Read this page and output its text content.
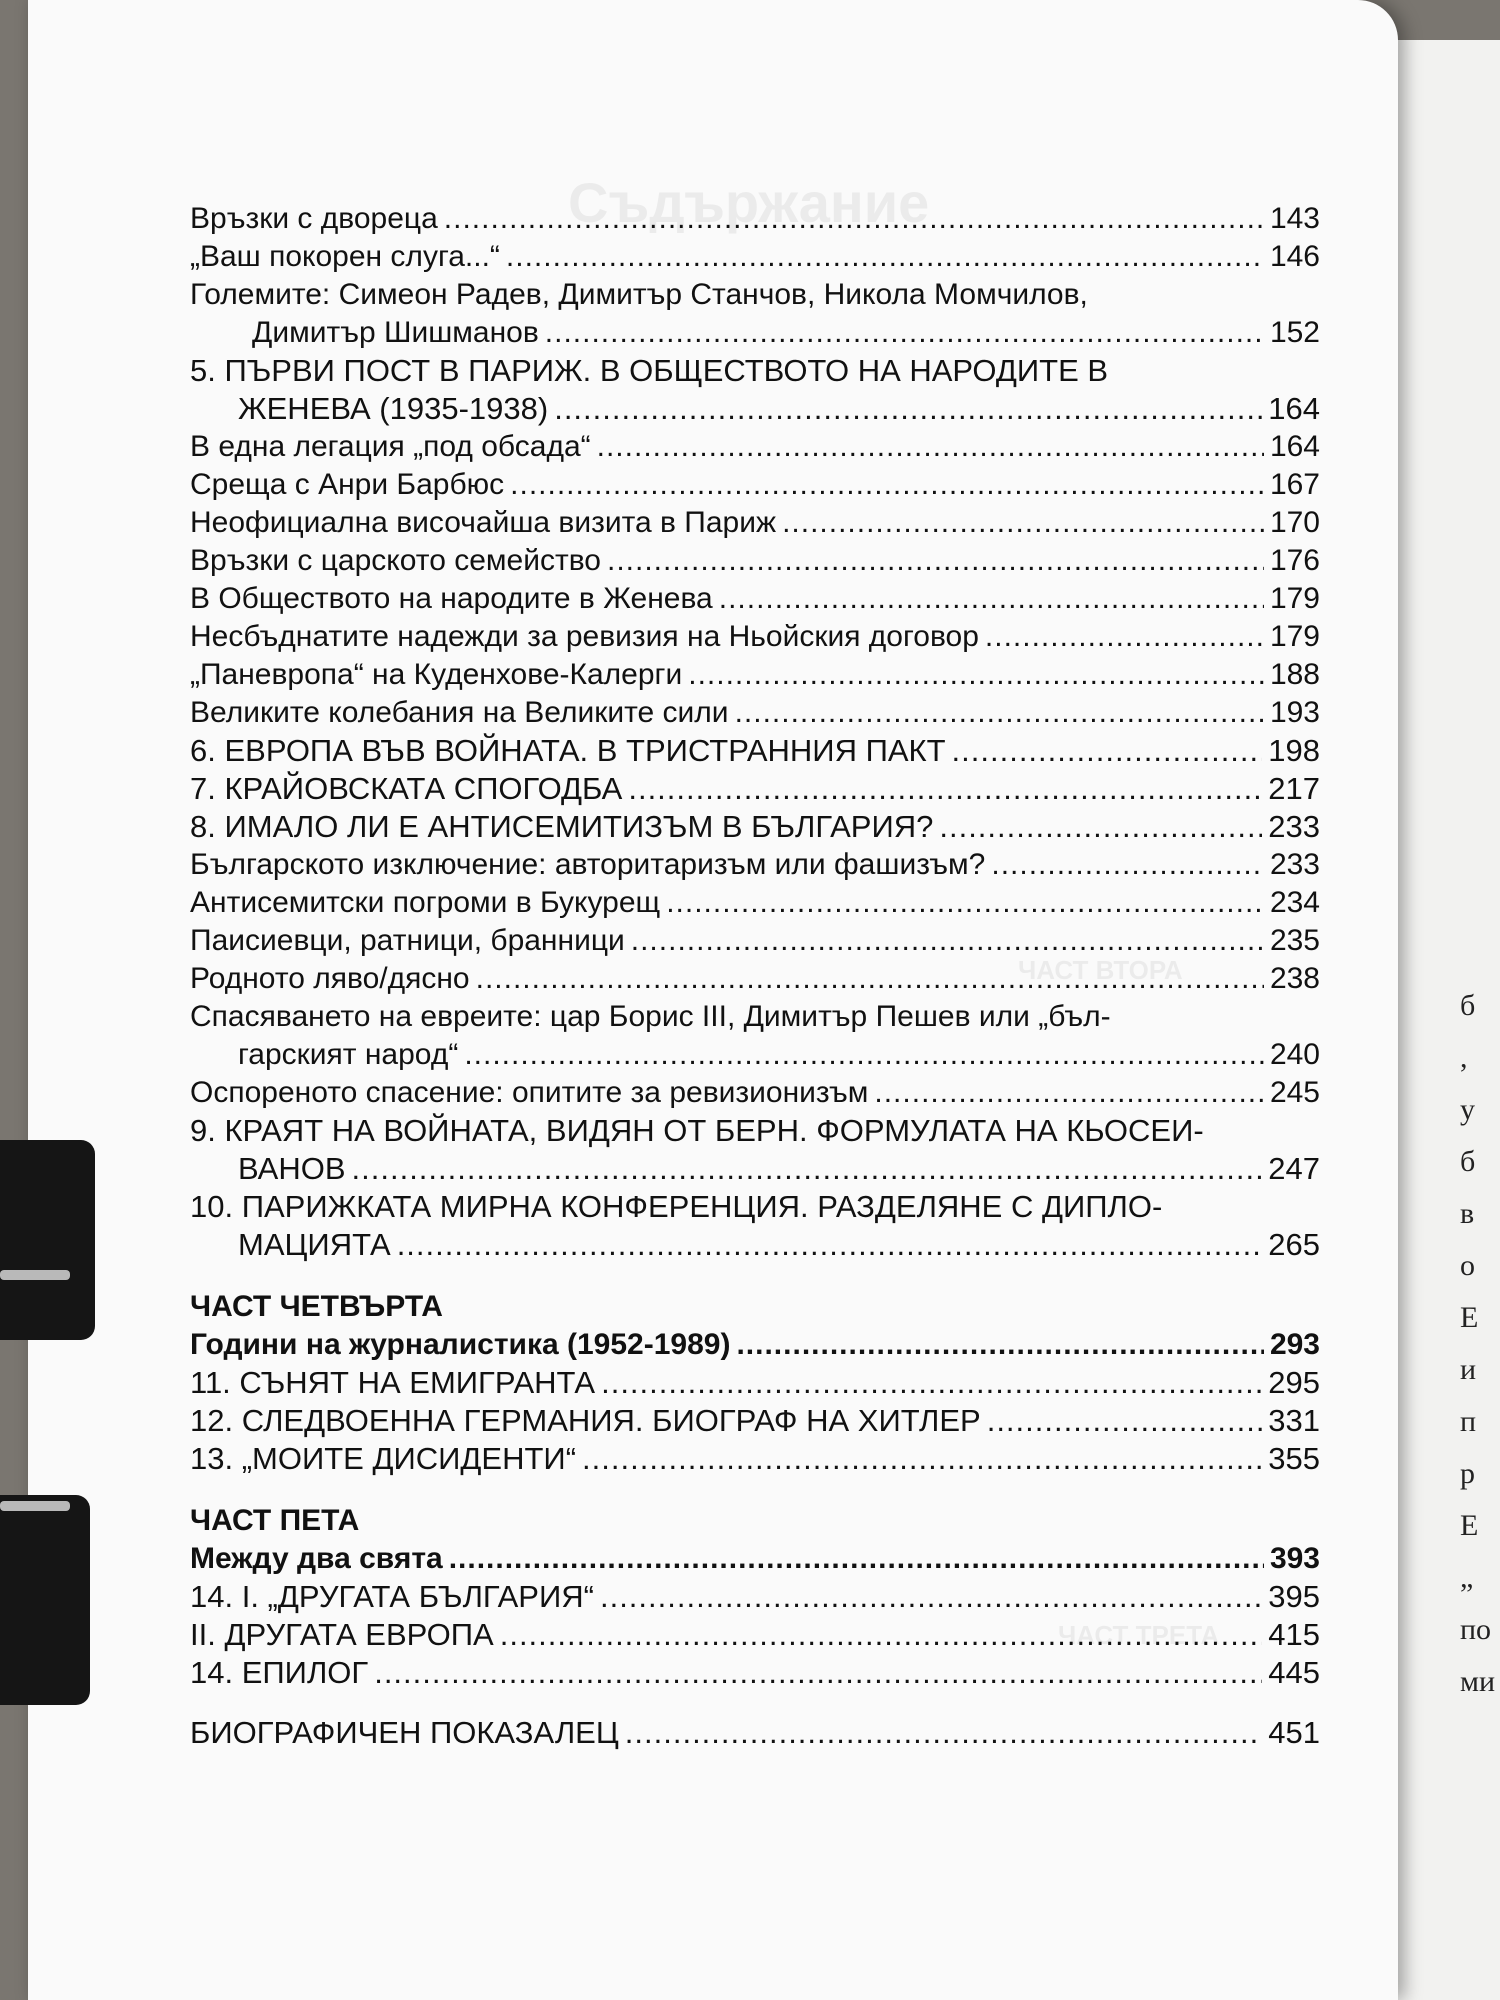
б
,
у
б
в
о
Е
и
п
р
Е
„
по
ми
Съдържание
ЧАСТ ВТОРА
ЧАСТ ТРЕТА
Връзки с двореца .....	143
„Ваш покорен слуга...“ .....	146
Големите: Симеон Радев, Димитър Станчов, Никола Момчилов,
Димитър Шишманов .....	152
5. ПЪРВИ ПОСТ В ПАРИЖ. В ОБЩЕСТВОТО НА НАРОДИТЕ В
ЖЕНЕВА (1935-1938) .....	164
В една легация „под обсада“ .....	164
Среща с Анри Барбюс .....	167
Неофициална височайша визита в Париж .....	170
Връзки с царското семейство .....	176
В Обществото на народите в Женева .....	179
Несбъднатите надежди за ревизия на Ньойския договор .....	179
„Паневропа“ на Куденхове-Калерги .....	188
Великите колебания на Великите сили .....	193
6. ЕВРОПА ВЪВ ВОЙНАТА. В ТРИСТРАННИЯ ПАКТ .....	198
7. КРАЙОВСКАТА СПОГОДБА .....	217
8. ИМАЛО ЛИ Е АНТИСЕМИТИЗЪМ В БЪЛГАРИЯ? .....	233
Българското изключение: авторитаризъм или фашизъм? .....	233
Антисемитски погроми в Букурещ .....	234
Паисиевци, ратници, бранници .....	235
Родното ляво/дясно .....	238
Спасяването на евреите: цар Борис III, Димитър Пешев или „бъл-
гарският народ“ .....	240
Оспореното спасение: опитите за ревизионизъм .....	245
9. КРАЯТ НА ВОЙНАТА, ВИДЯН ОТ БЕРН. ФОРМУЛАТА НА КЬОСЕИ-
ВАНОВ .....	247
10. ПАРИЖКАТА МИРНА КОНФЕРЕНЦИЯ. РАЗДЕЛЯНЕ С ДИПЛО-
МАЦИЯТА .....	265
ЧАСТ ЧЕТВЪРТА
Години на журналистика (1952-1989) .....	293
11. СЪНЯТ НА ЕМИГРАНТА .....	295
12. СЛЕДВОЕННА ГЕРМАНИЯ. БИОГРАФ НА ХИТЛЕР .....	331
13. „МОИТЕ ДИСИДЕНТИ“ .....	355
ЧАСТ ПЕТА
Между два свята .....	393
14. I. „ДРУГАТА БЪЛГАРИЯ“ .....	395
II. ДРУГАТА ЕВРОПА .....	415
14. ЕПИЛОГ .....	445
БИОГРАФИЧЕН ПОКАЗАЛЕЦ .....	451
